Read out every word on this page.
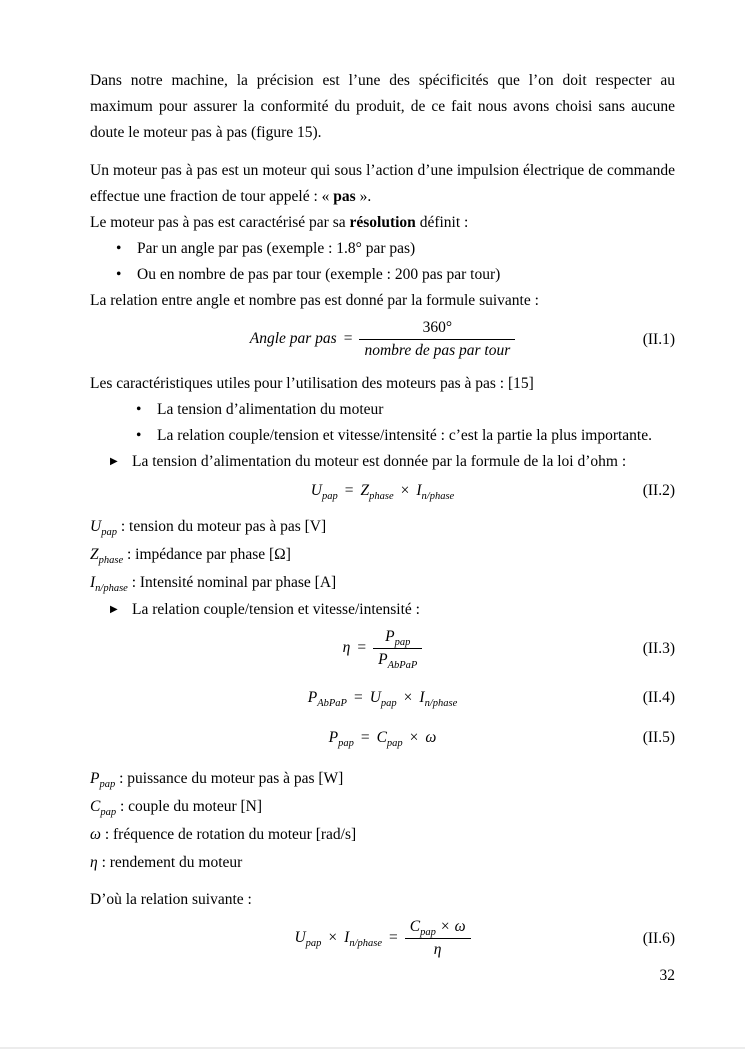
Dans notre machine, la précision est l’une des spécificités que l’on doit respecter au maximum pour assurer la conformité du produit, de ce fait nous avons choisi sans aucune doute le moteur pas à pas (figure 15).

Un moteur pas à pas est un moteur qui sous l’action d’une impulsion électrique de commande effectue une fraction de tour appelé : « pas ».

Le moteur pas à pas est caractérisé par sa résolution définit :

•	Par un angle par pas (exemple : 1.8° par pas)
•	Ou en nombre de pas par tour (exemple : 200 pas par tour)

La relation entre angle et nombre pas est donné par la formule suivante :

Angle par pas = $\frac{360^\circ}{\text{nombre de pas par tour}}$	(II.1)

Les caractéristiques utiles pour l’utilisation des moteurs pas à pas : [15]

•	La tension d’alimentation du moteur
•	La relation couple/tension et vitesse/intensité : c’est la partie la plus importante.
▶ La tension d’alimentation du moteur est donnée par la formule de la loi d’ohm :
$U_{pap} = Z_{phase} \times I_{n/phase}$	(II.2)

$U_{pap}$ : tension du moteur pas à pas [V]

$Z_{phase}$ : impédance par phase [Ω]

$I_{n/phase}$ : Intensité nominal par phase [A]

▶ La relation couple/tension et vitesse/intensité :
$\eta = \frac{P_{pap}}{P_{AbPaP}}$	(II.3)
$P_{AbPaP} = U_{pap} \times I_{n/phase}$	(II.4)
$P_{pap} = C_{pap} \times \omega$	(II.5)

$P_{pap}$ : puissance du moteur pas à pas [W]

$C_{pap}$ : couple du moteur [N]

ω : fréquence de rotation du moteur [rad/s]

η : rendement du moteur

D’où la relation suivante :

$U_{pap} \times I_{n/phase} = \frac{C_{pap} \times \omega}{\eta}$	(II.6)
32
